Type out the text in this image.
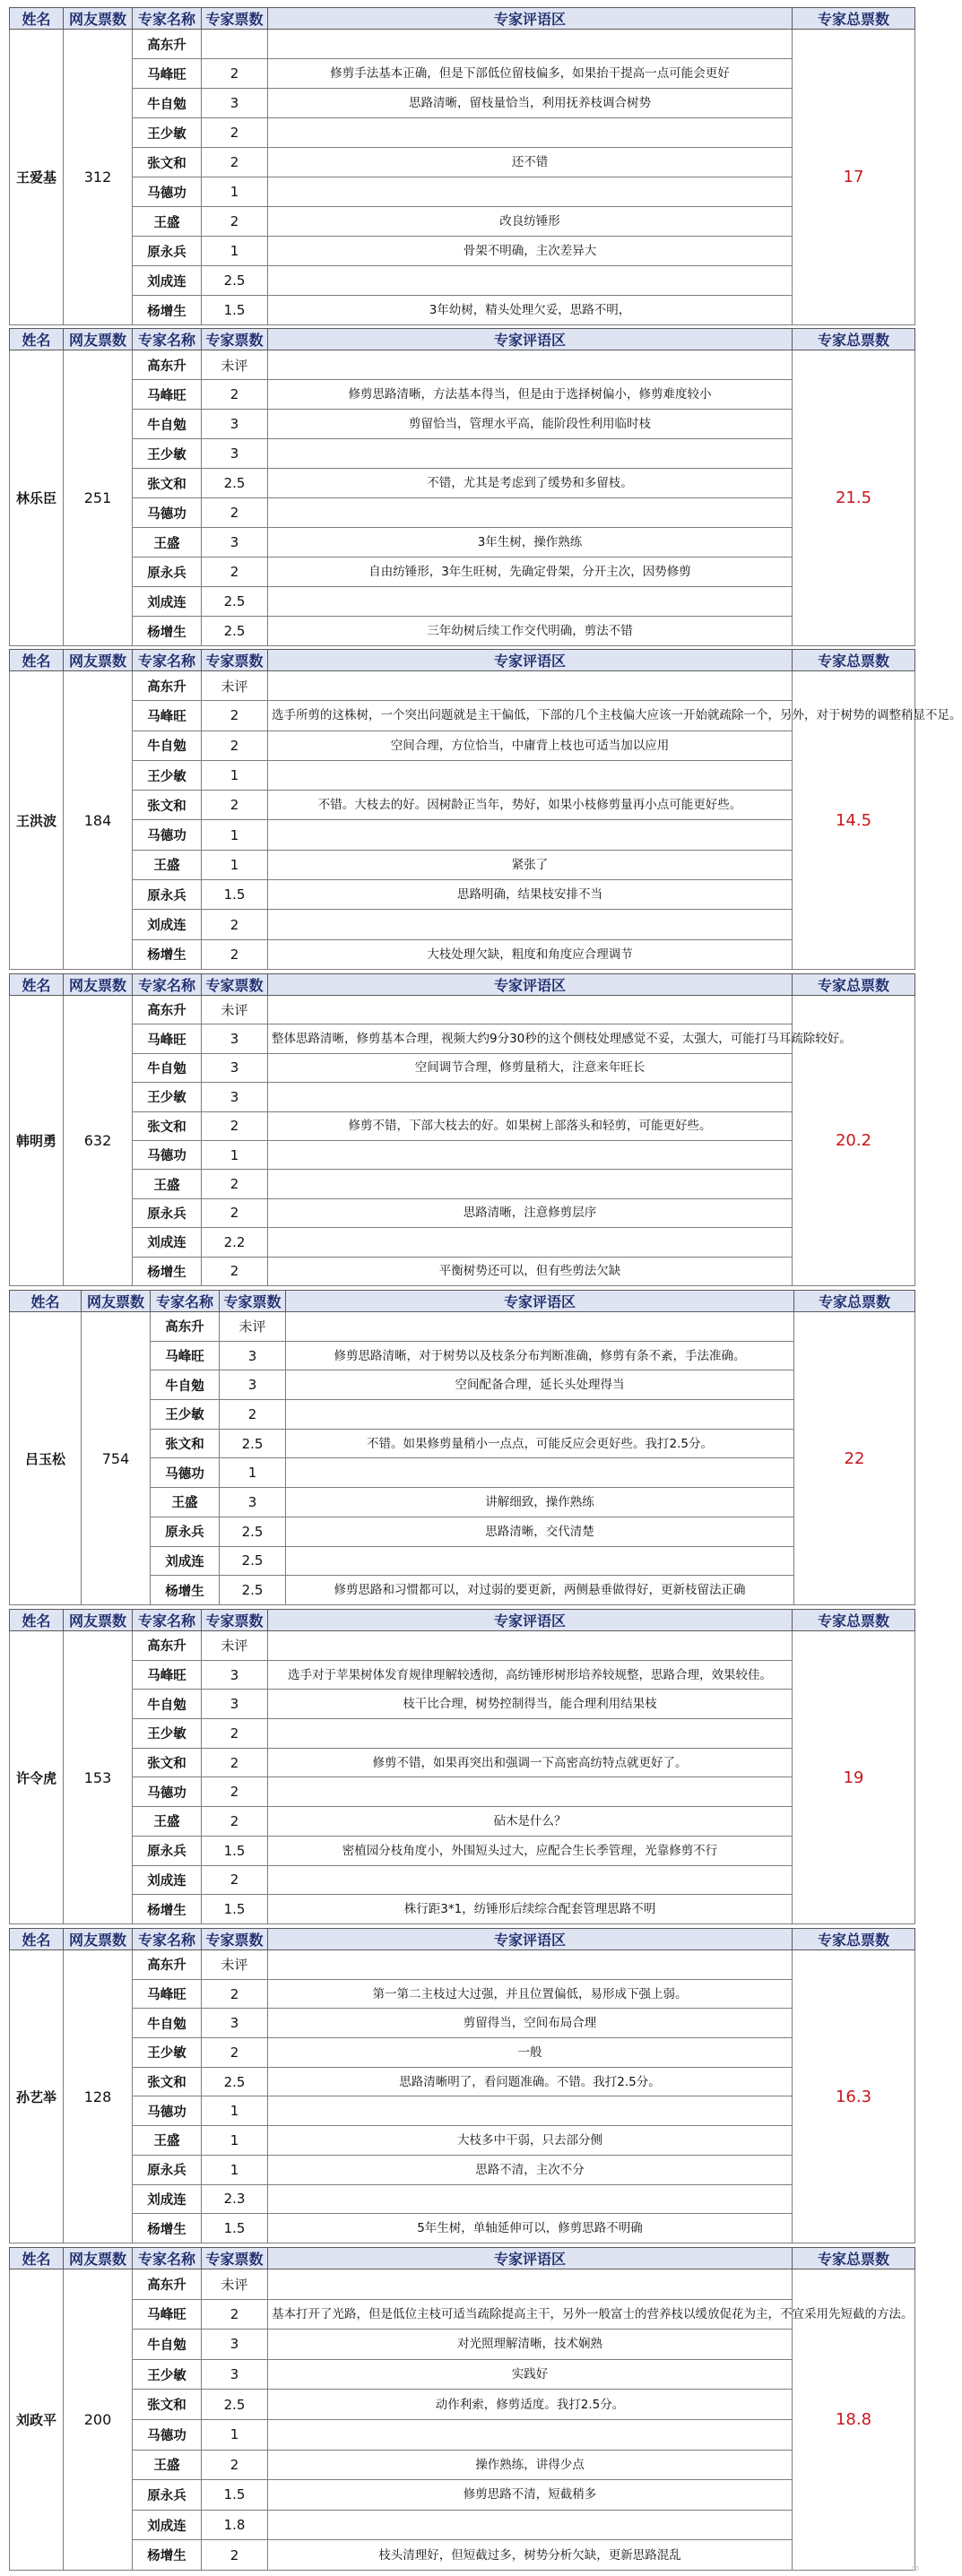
姓名	网友票数	专家名称	专家票数	专家评语区	专家总票数
王爱基	312	高东升			17
		马峰旺	2	修剪手法基本正确，但是下部低位留枝偏多，如果抬干提高一点可能会更好	
		牛自勉	3	思路清晰，留枝量恰当，利用抚养枝调合树势	
		王少敏	2		
		张文和	2	还不错	
		马德功	1		
		王盛	2	改良纺锤形	
		原永兵	1	骨架不明确，主次差异大	
		刘成连	2.5		
		杨增生	1.5	3年幼树，精头处理欠妥，思路不明，	
姓名	网友票数	专家名称	专家票数	专家评语区	专家总票数
林乐臣	251	高东升	未评		21.5
		马峰旺	2	修剪思路清晰，方法基本得当，但是由于选择树偏小，修剪难度较小	
		牛自勉	3	剪留恰当，管理水平高，能阶段性利用临时枝	
		王少敏	3		
		张文和	2.5	不错，尤其是考虑到了缓势和多留枝。	
		马德功	2		
		王盛	3	3年生树，操作熟练	
		原永兵	2	自由纺锤形，3年生旺树，先确定骨架，分开主次，因势修剪	
		刘成连	2.5		
		杨增生	2.5	三年幼树后续工作交代明确，剪法不错	
姓名	网友票数	专家名称	专家票数	专家评语区	专家总票数
王洪波	184	高东升	未评		14.5
		马峰旺	2	选手所剪的这株树，一个突出问题就是主干偏低，下部的几个主枝偏大应该一开始就疏除一个，另外，对于树势的调整稍显不足。	
		牛自勉	2	空间合理，方位恰当，中庸背上枝也可适当加以应用	
		王少敏	1		
		张文和	2	不错。大枝去的好。因树龄正当年，势好，如果小枝修剪量再小点可能更好些。	
		马德功	1		
		王盛	1	紧张了	
		原永兵	1.5	思路明确，结果枝安排不当	
		刘成连	2		
		杨增生	2	大枝处理欠缺，粗度和角度应合理调节	
姓名	网友票数	专家名称	专家票数	专家评语区	专家总票数
韩明勇	632	高东升	未评		20.2
		马峰旺	3	整体思路清晰，修剪基本合理，视频大约9分30秒的这个侧枝处理感觉不妥，太强大，可能打马耳疏除较好。	
		牛自勉	3	空间调节合理，修剪量稍大，注意来年旺长	
		王少敏	3		
		张文和	2	修剪不错，下部大枝去的好。如果树上部落头和轻剪，可能更好些。	
		马德功	1		
		王盛	2		
		原永兵	2	思路清晰，注意修剪层序	
		刘成连	2.2		
		杨增生	2	平衡树势还可以，但有些剪法欠缺	
姓名	网友票数	专家名称	专家票数	专家评语区	专家总票数
吕玉松	754	高东升	未评		22
		马峰旺	3	修剪思路清晰，对于树势以及枝条分布判断准确，修剪有条不紊，手法准确。	
		牛自勉	3	空间配备合理，延长头处理得当	
		王少敏	2		
		张文和	2.5	不错。如果修剪量稍小一点点，可能反应会更好些。我打2.5分。	
		马德功	1		
		王盛	3	讲解细致，操作熟练	
		原永兵	2.5	思路清晰，交代清楚	
		刘成连	2.5		
		杨增生	2.5	修剪思路和习惯都可以，对过弱的要更新，两侧悬垂做得好，更新枝留法正确	
姓名	网友票数	专家名称	专家票数	专家评语区	专家总票数
许令虎	153	高东升	未评		19
		马峰旺	3	选手对于苹果树体发育规律理解较透彻，高纺锤形树形培养较规整，思路合理，效果较佳。	
		牛自勉	3	枝干比合理，树势控制得当，能合理利用结果枝	
		王少敏	2		
		张文和	2	修剪不错，如果再突出和强调一下高密高纺特点就更好了。	
		马德功	2		
		王盛	2	砧木是什么？	
		原永兵	1.5	密植园分枝角度小，外围短头过大，应配合生长季管理，光靠修剪不行	
		刘成连	2		
		杨增生	1.5	株行距3*1，纺锤形后续综合配套管理思路不明	
姓名	网友票数	专家名称	专家票数	专家评语区	专家总票数
孙艺举	128	高东升	未评		16.3
		马峰旺	2	第一第二主枝过大过强，并且位置偏低，易形成下强上弱。	
		牛自勉	3	剪留得当，空间布局合理	
		王少敏	2	一般	
		张文和	2.5	思路清晰明了，看问题准确。不错。我打2.5分。	
		马德功	1		
		王盛	1	大枝多中干弱，只去部分侧	
		原永兵	1	思路不清，主次不分	
		刘成连	2.3		
		杨增生	1.5	5年生树，单轴延伸可以，修剪思路不明确	
姓名	网友票数	专家名称	专家票数	专家评语区	专家总票数
刘政平	200	高东升	未评		18.8
		马峰旺	2	基本打开了光路，但是低位主枝可适当疏除提高主干，另外一般富士的营养枝以缓放促花为主，不宜采用先短截的方法。	
		牛自勉	3	对光照理解清晰，技术娴熟	
		王少敏	3	实践好	
		张文和	2.5	动作利索，修剪适度。我打2.5分。	
		马德功	1		
		王盛	2	操作熟练，讲得少点	
		原永兵	1.5	修剪思路不清，短截稍多	
		刘成连	1.8		
		杨增生	2	枝头清理好，但短截过多，树势分析欠缺，更新思路混乱	
∞
